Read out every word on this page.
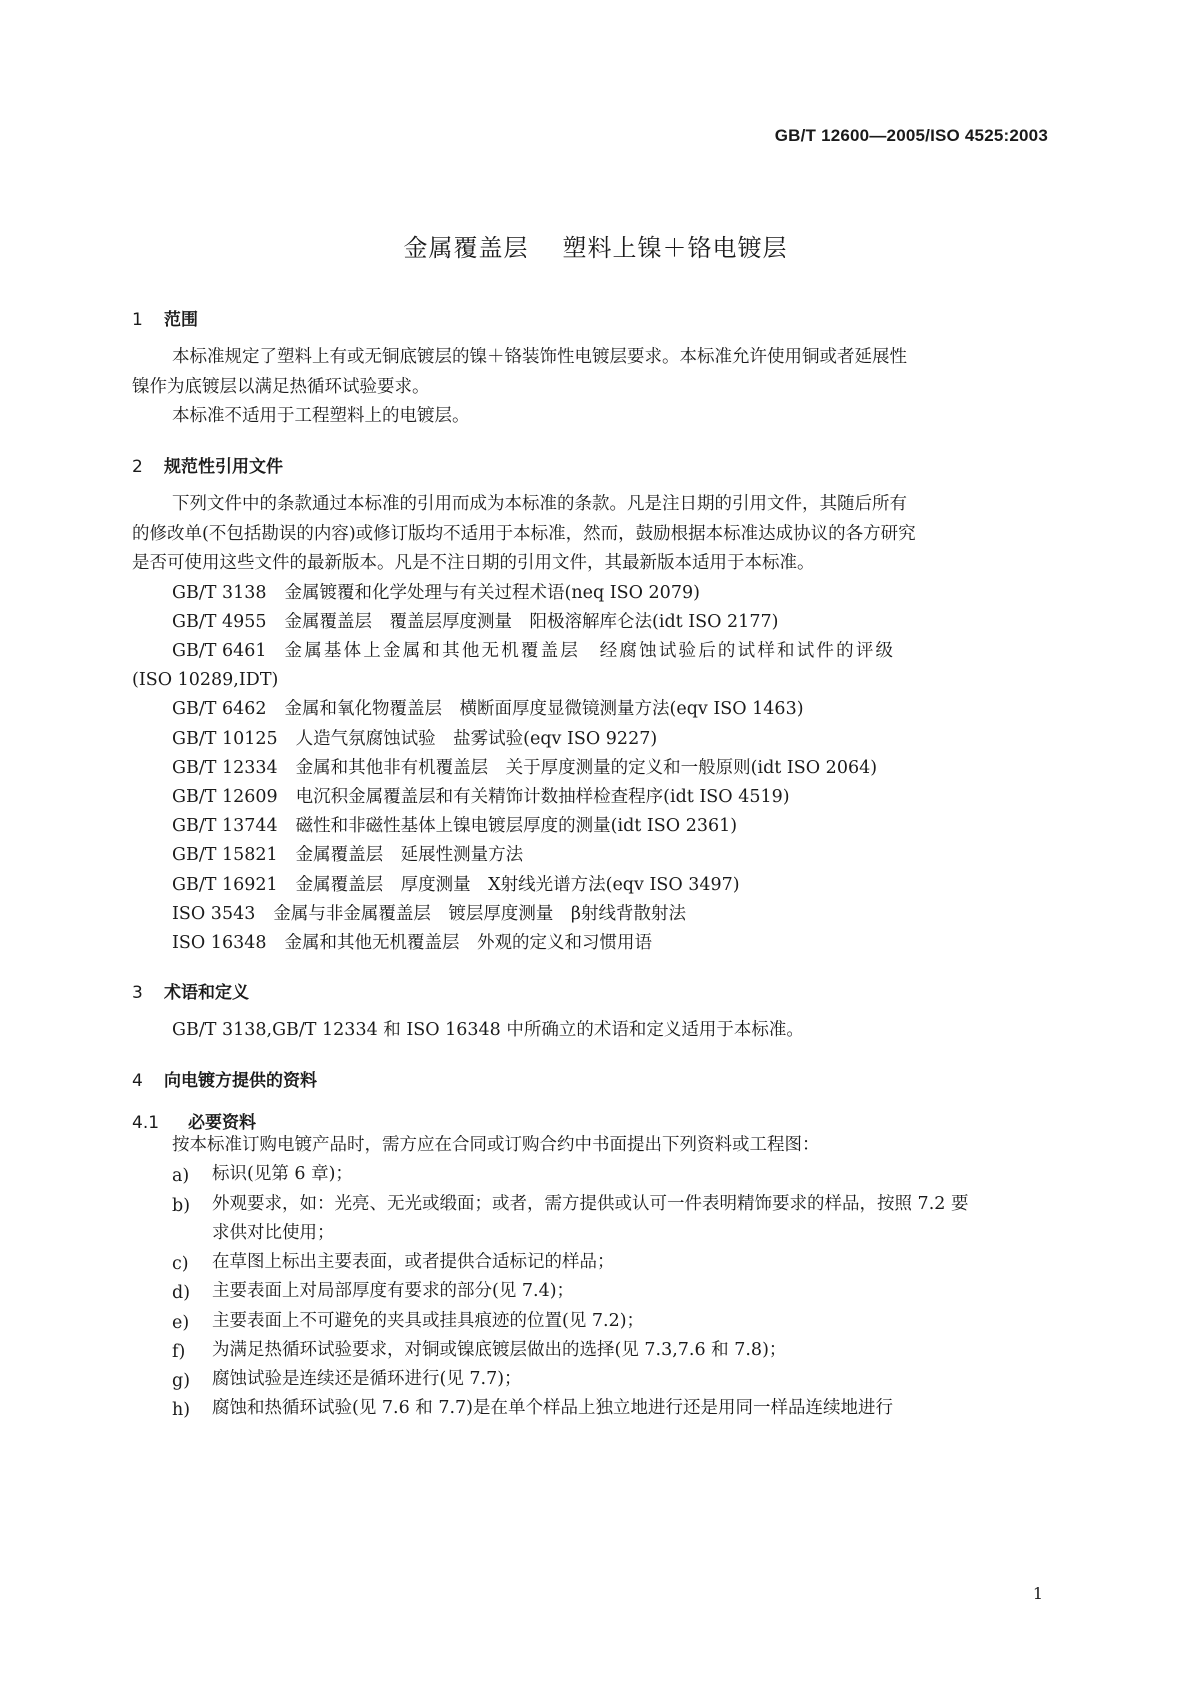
GB/T 12600—2005/ISO 4525:2003
金属覆盖层 塑料上镍＋铬电镀层
1 范围
本标准规定了塑料上有或无铜底镀层的镍＋铬装饰性电镀层要求。本标准允许使用铜或者延展性
镍作为底镀层以满足热循环试验要求。
本标准不适用于工程塑料上的电镀层。
2 规范性引用文件
下列文件中的条款通过本标准的引用而成为本标准的条款。凡是注日期的引用文件，其随后所有
的修改单(不包括勘误的内容)或修订版均不适用于本标准，然而，鼓励根据本标准达成协议的各方研究
是否可使用这些文件的最新版本。凡是不注日期的引用文件，其最新版本适用于本标准。
GB/T 3138 金属镀覆和化学处理与有关过程术语(neq ISO 2079)
GB/T 4955 金属覆盖层　覆盖层厚度测量　阳极溶解库仑法(idt ISO 2177)
GB/T 6461 金属基体上金属和其他无机覆盖层　经腐蚀试验后的试样和试件的评级
(ISO 10289,IDT)
GB/T 6462 金属和氧化物覆盖层　横断面厚度显微镜测量方法(eqv ISO 1463)
GB/T 10125 人造气氛腐蚀试验　盐雾试验(eqv ISO 9227)
GB/T 12334 金属和其他非有机覆盖层　关于厚度测量的定义和一般原则(idt ISO 2064)
GB/T 12609 电沉积金属覆盖层和有关精饰计数抽样检查程序(idt ISO 4519)
GB/T 13744 磁性和非磁性基体上镍电镀层厚度的测量(idt ISO 2361)
GB/T 15821 金属覆盖层　延展性测量方法
GB/T 16921 金属覆盖层　厚度测量　X射线光谱方法(eqv ISO 3497)
ISO 3543 金属与非金属覆盖层　镀层厚度测量　β射线背散射法
ISO 16348 金属和其他无机覆盖层　外观的定义和习惯用语
3 术语和定义
GB/T 3138,GB/T 12334 和 ISO 16348 中所确立的术语和定义适用于本标准。
4 向电镀方提供的资料
4.1 必要资料
按本标准订购电镀产品时，需方应在合同或订购合约中书面提出下列资料或工程图：
a) 标识(见第 6 章)；
b) 外观要求，如：光亮、无光或缎面；或者，需方提供或认可一件表明精饰要求的样品，按照 7.2 要
求供对比使用；
c) 在草图上标出主要表面，或者提供合适标记的样品；
d) 主要表面上对局部厚度有要求的部分(见 7.4)；
e) 主要表面上不可避免的夹具或挂具痕迹的位置(见 7.2)；
f) 为满足热循环试验要求，对铜或镍底镀层做出的选择(见 7.3,7.6 和 7.8)；
g) 腐蚀试验是连续还是循环进行(见 7.7)；
h) 腐蚀和热循环试验(见 7.6 和 7.7)是在单个样品上独立地进行还是用同一样品连续地进行
1
